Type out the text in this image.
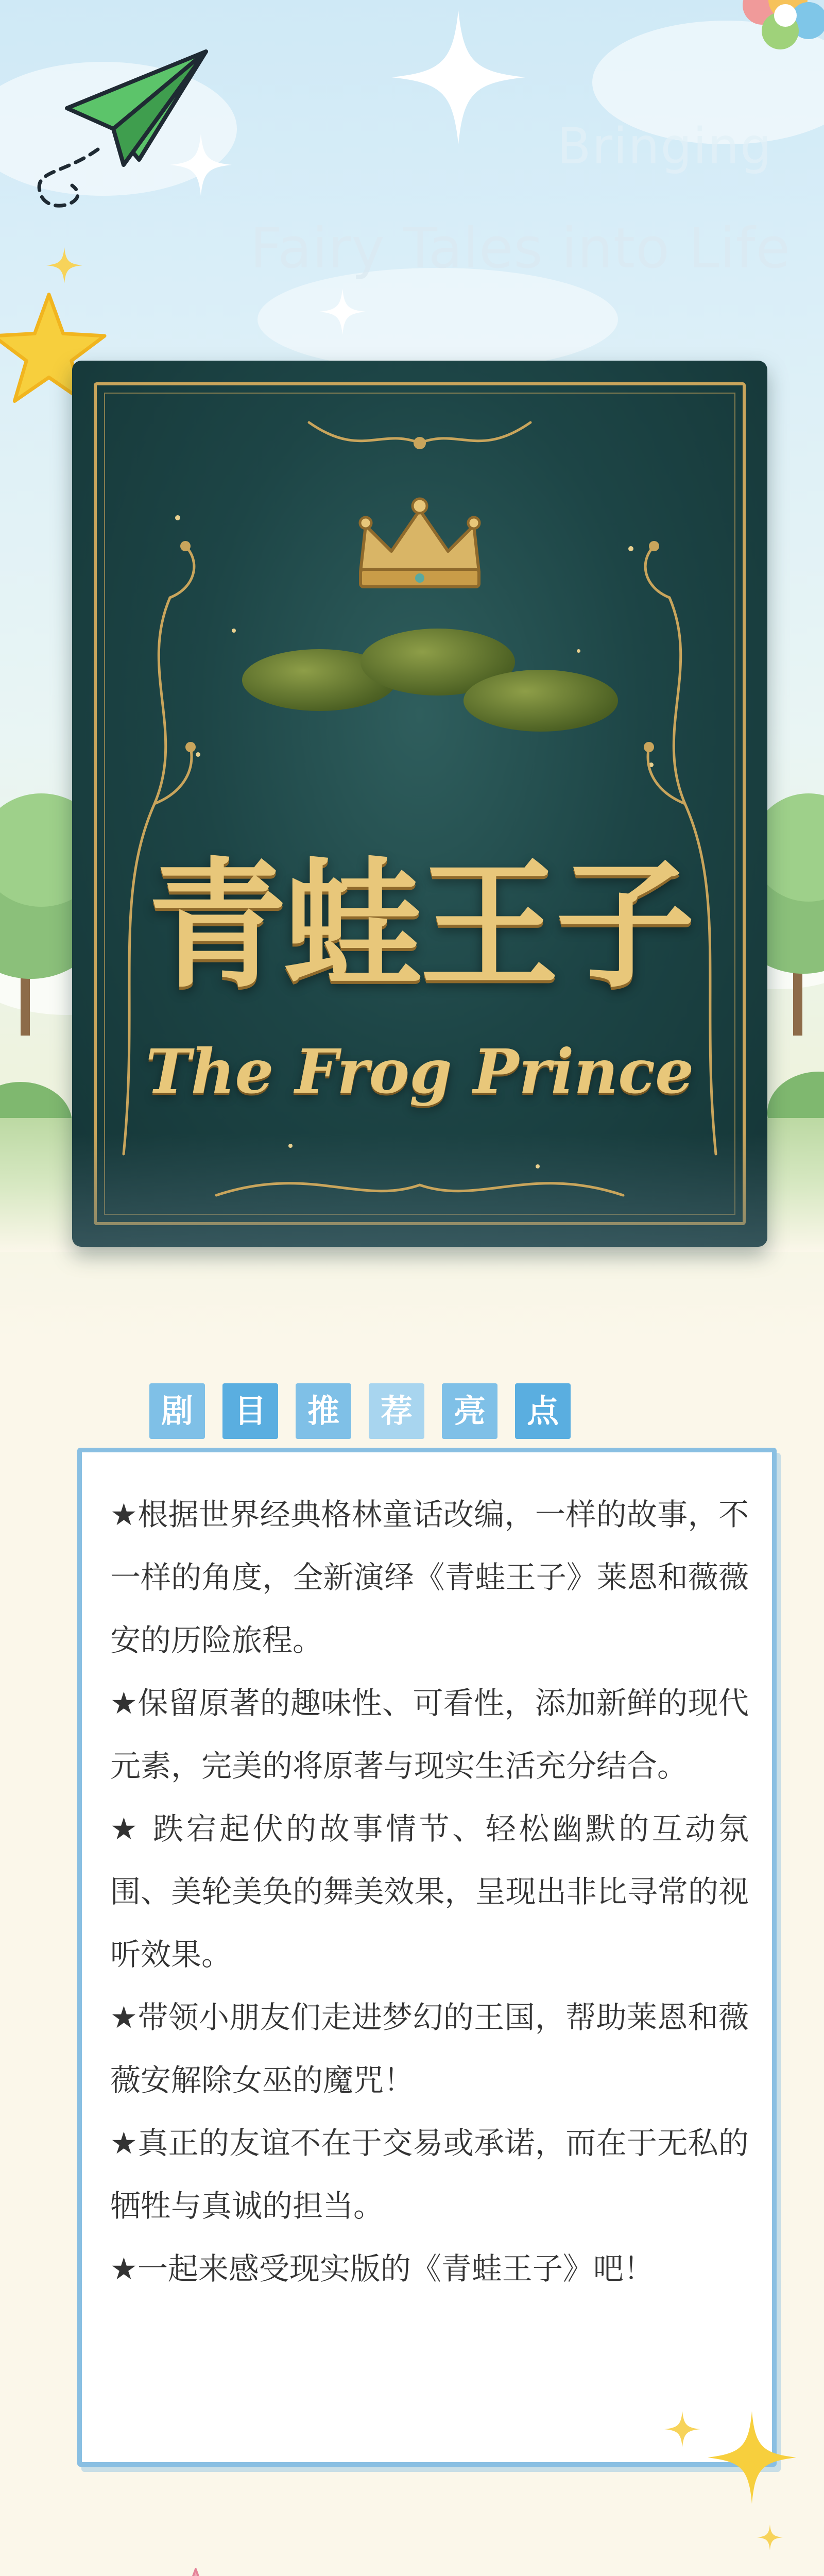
Bringing
Fairy Tales into Life
青蛙王子
The Frog Prince
剧	目	推	荐	亮	点

★根据世界经典格林童话改编，一样的故事，不一样的角度，全新演绎《青蛙王子》莱恩和薇薇安的历险旅程。

★保留原著的趣味性、可看性，添加新鲜的现代元素，完美的将原著与现实生活充分结合。

★ 跌宕起伏的故事情节、轻松幽默的互动氛围、美轮美奂的舞美效果，呈现出非比寻常的视听效果。

★带领小朋友们走进梦幻的王国，帮助莱恩和薇薇安解除女巫的魔咒！

★真正的友谊不在于交易或承诺，而在于无私的牺牲与真诚的担当。

★一起来感受现实版的《青蛙王子》吧！
